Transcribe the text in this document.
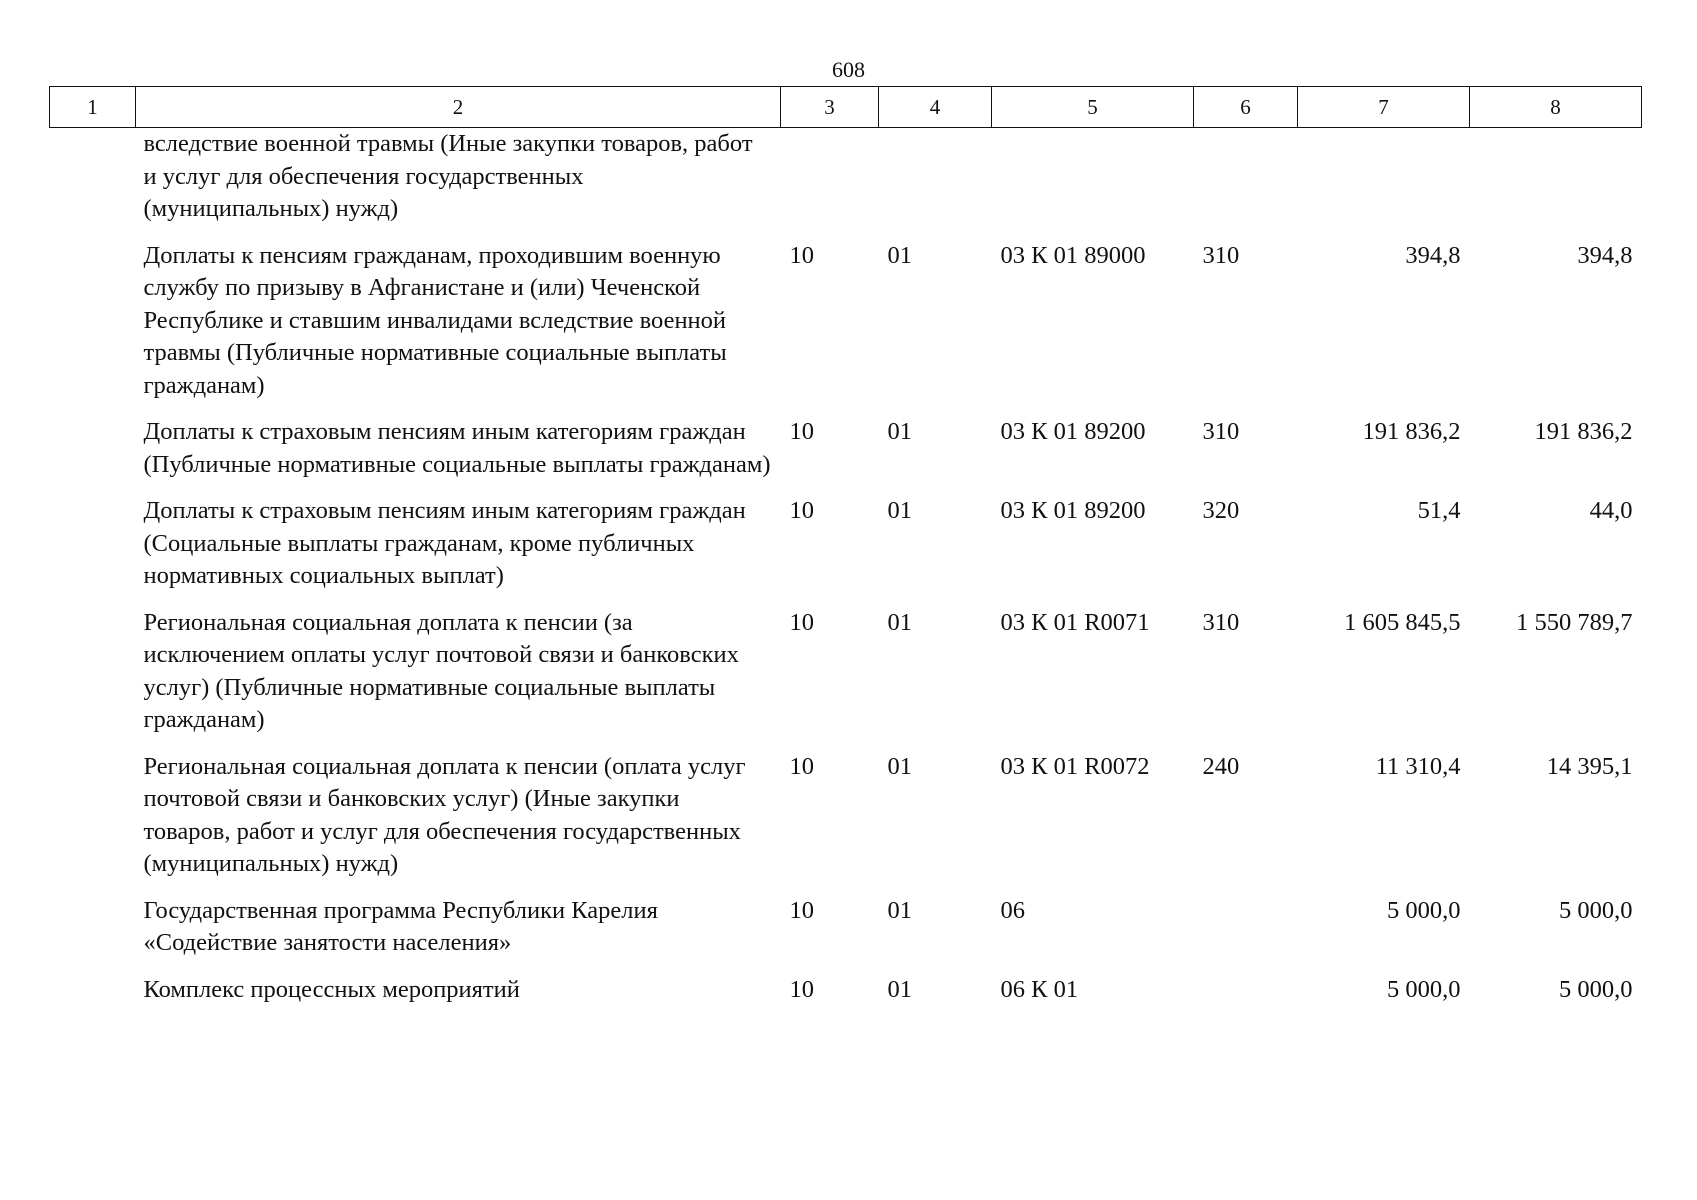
608
1	2	3	4	5	6	7	8
вследствие военной травмы (Иные закупки товаров, работ и услуг для обеспечения государственных (муниципальных) нужд)							
Доплаты к пенсиям гражданам, проходившим военную службу по призыву в Афганистане и (или) Чеченской Республике и ставшим инвалидами вследствие военной травмы (Публичные нормативные социальные выплаты гражданам)		10	01	03 К 01 89000	310	394,8	394,8
Доплаты к страховым пенсиям иным категориям граждан (Публичные нормативные социальные выплаты гражданам)		10	01	03 К 01 89200	310	191 836,2	191 836,2
Доплаты к страховым пенсиям иным категориям граждан (Социальные выплаты гражданам, кроме публичных нормативных социальных выплат)		10	01	03 К 01 89200	320	51,4	44,0
Региональная социальная доплата к пенсии (за исключением оплаты услуг почтовой связи и банковских услуг) (Публичные нормативные социальные выплаты гражданам)		10	01	03 К 01 R0071	310	1 605 845,5	1 550 789,7
Региональная социальная доплата к пенсии (оплата услуг почтовой связи и банковских услуг) (Иные закупки товаров, работ и услуг для обеспечения государственных (муниципальных) нужд)		10	01	03 К 01 R0072	240	11 310,4	14 395,1
Государственная программа Республики Карелия «Содействие занятости населения»		10	01	06		5 000,0	5 000,0
Комплекс процессных мероприятий		10	01	06 К 01		5 000,0	5 000,0
